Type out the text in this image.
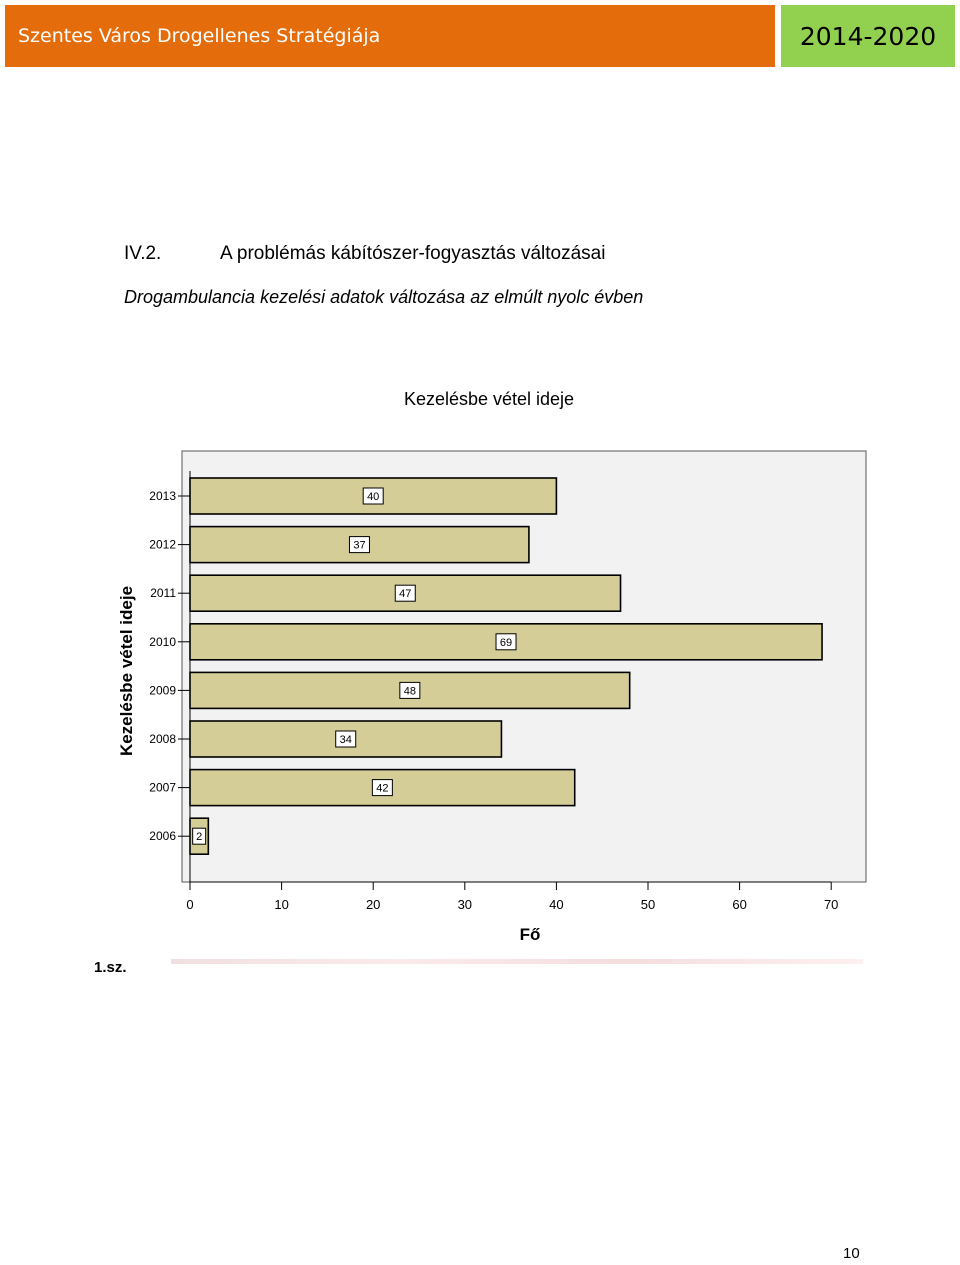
Szentes Város Drogellenes Stratégiája	2014-2020
IV.2.	A problémás kábítószer-fogyasztás változásai
Drogambulancia kezelési adatok változása az elmúlt nyolc évben
Kezelésbe vétel ideje
2013	40
2012	37
2011	47
2010	69
2009	48
2008	34
2007	42
2006 2
0	10	20	30	40	50	60	70
Fő
Kezelésbe vétel ideje
1.sz.
10
